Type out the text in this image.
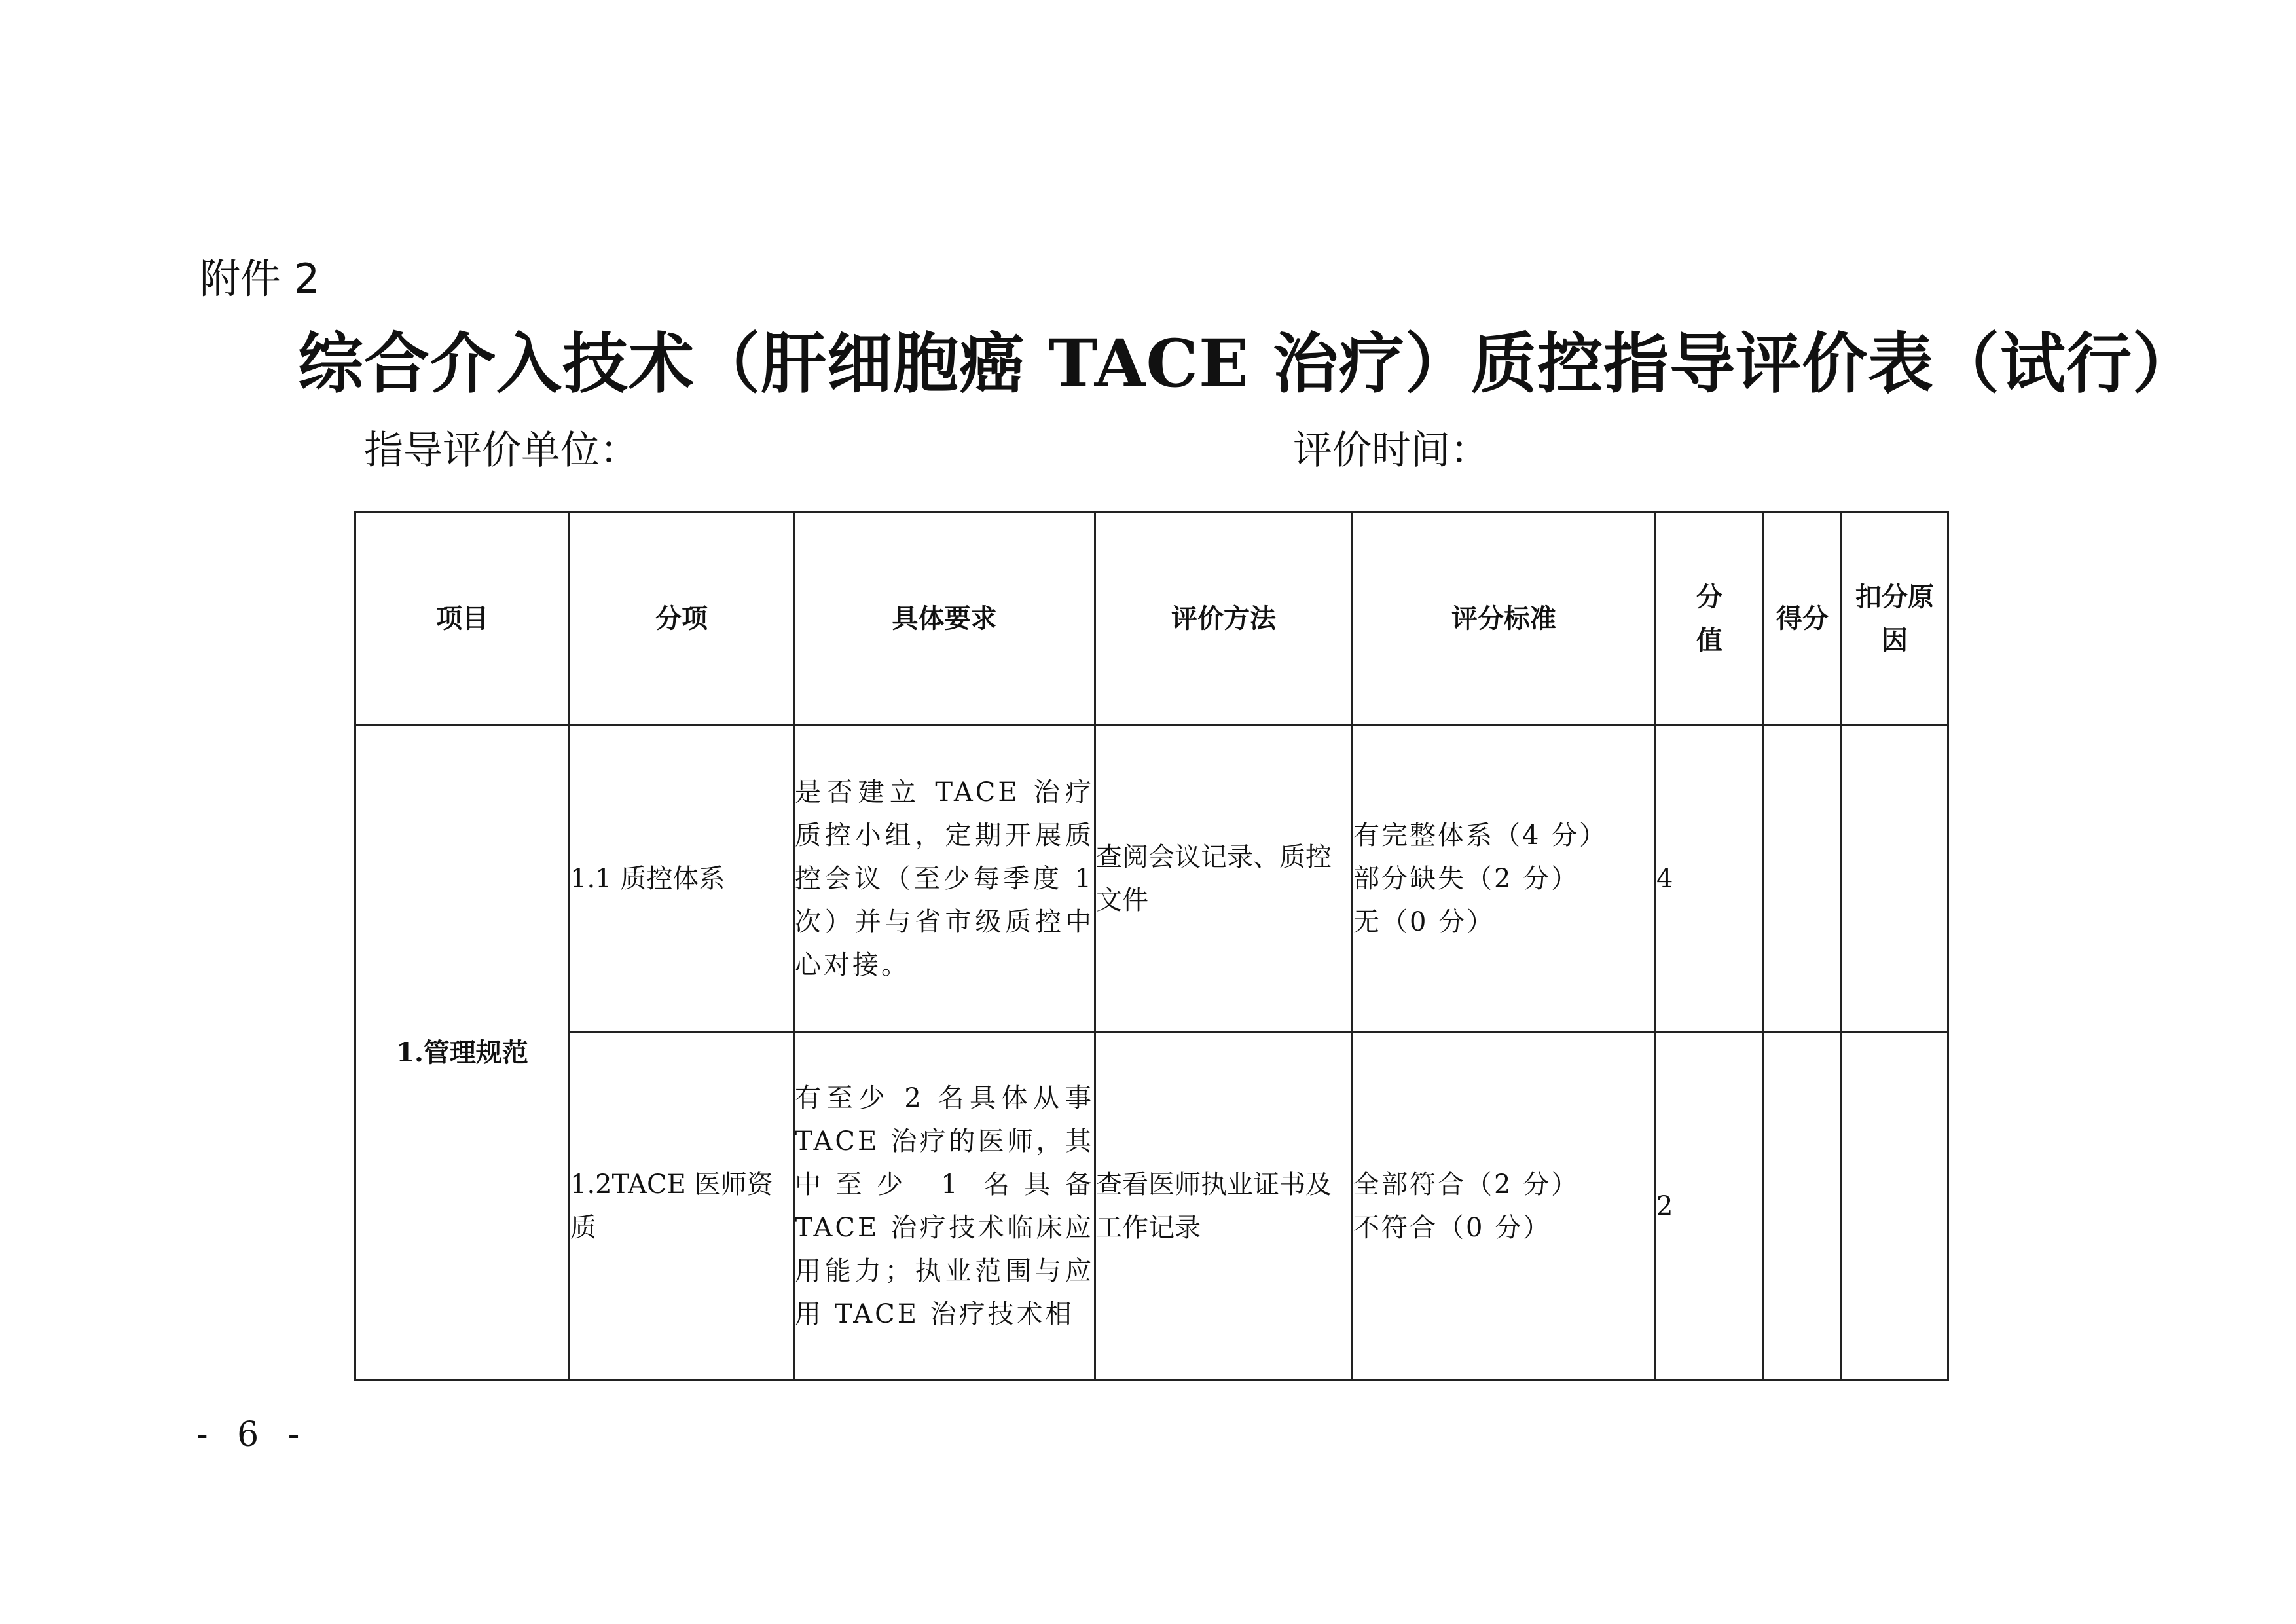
附件 2
综合介入技术（肝细胞癌 TACE 治疗）质控指导评价表（试行）
指导评价单位：	评价时间：
项目	分项	具体要求	评价方法	评分标准	分值	得分	扣分原因
1.管理规范	1.1 质控体系	是否建立 TACE 治疗质控小组，定期开展质控会议（至少每季度 1 次）并与省市级质控中心对接。	查阅会议记录、质控文件	有完整体系（4 分）
部分缺失（2 分）
无（0 分）	4		
	1.2TACE 医师资质	有至少 2 名具体从事 TACE 治疗的医师，其中至少 1 名具备 TACE 治疗技术临床应用能力；执业范围与应用 TACE 治疗技术相	查看医师执业证书及工作记录	全部符合（2 分）
不符合（0 分）	2		
- 6 -
